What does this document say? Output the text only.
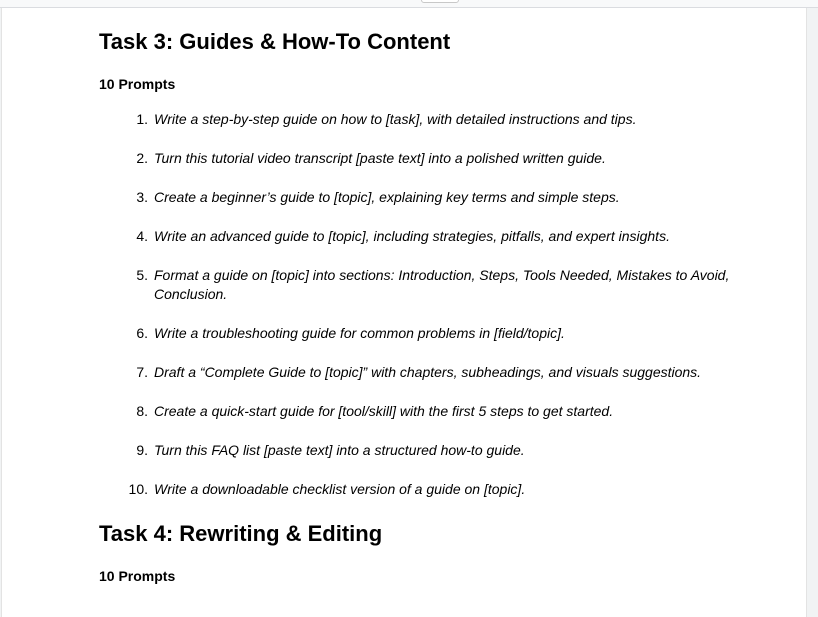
Task 3: Guides & How-To Content
10 Prompts
1. Write a step-by-step guide on how to [task], with detailed instructions and tips.
2. Turn this tutorial video transcript [paste text] into a polished written guide.
3. Create a beginner’s guide to [topic], explaining key terms and simple steps.
4. Write an advanced guide to [topic], including strategies, pitfalls, and expert insights.
5. Format a guide on [topic] into sections: Introduction, Steps, Tools Needed, Mistakes to Avoid, Conclusion.
6. Write a troubleshooting guide for common problems in [field/topic].
7. Draft a “Complete Guide to [topic]” with chapters, subheadings, and visuals suggestions.
8. Create a quick-start guide for [tool/skill] with the first 5 steps to get started.
9. Turn this FAQ list [paste text] into a structured how-to guide.
10. Write a downloadable checklist version of a guide on [topic].
Task 4: Rewriting & Editing
10 Prompts
